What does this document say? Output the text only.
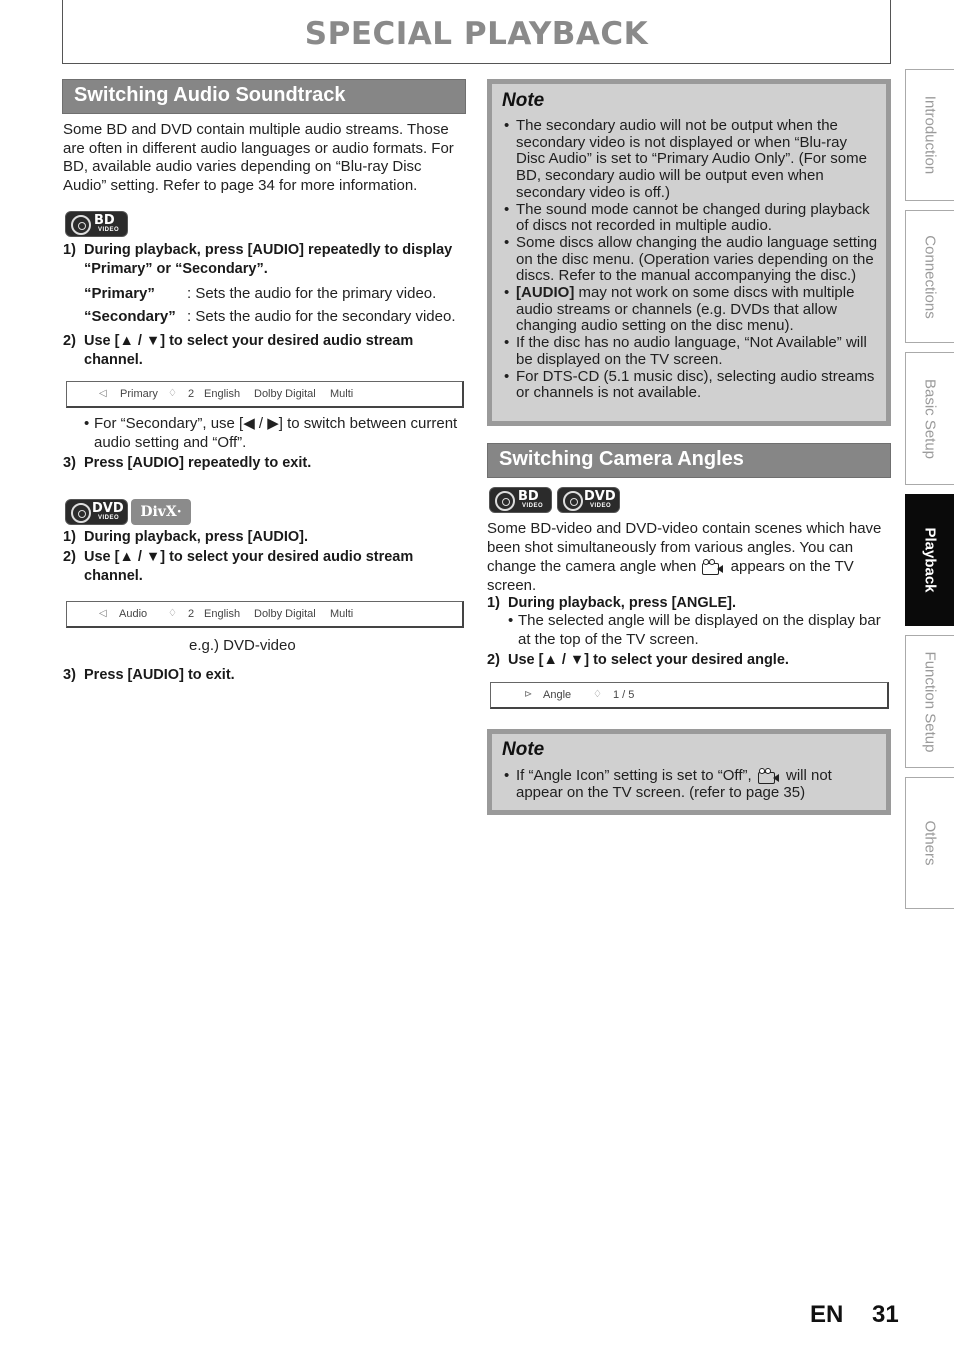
SPECIAL PLAYBACK
Switching Audio Soundtrack
Some BD and DVD contain multiple audio streams. Those are often in different audio languages or audio formats. For BD, available audio varies depending on “Blu-ray Disc Audio” setting. Refer to page 34 for more information.
BD
VIDEO
1) During playback, press [AUDIO] repeatedly to display “Primary” or “Secondary”.
“Primary” : Sets the audio for the primary video.
“Secondary” : Sets the audio for the secondary video.
2) Use [▲ / ▼] to select your desired audio stream channel.
◁ Primary ♢ 2 English Dolby Digital Multi
• For “Secondary”, use [◀ / ▶] to switch between current audio setting and “Off”.
3) Press [AUDIO] repeatedly to exit.
DVD
VIDEO	DivX·
1) During playback, press [AUDIO].
2) Use [▲ / ▼] to select your desired audio stream channel.
◁ Audio ♢ 2 English Dolby Digital Multi
e.g.) DVD-video
3) Press [AUDIO] to exit.
Note
• The secondary audio will not be output when the secondary video is not displayed or when “Blu-ray Disc Audio” is set to “Primary Audio Only”. (For some BD, secondary audio will be output even when secondary video is off.)
• The sound mode cannot be changed during playback of discs not recorded in multiple audio.
• Some discs allow changing the audio language setting on the disc menu. (Operation varies depending on the discs. Refer to the manual accompanying the disc.)
• [AUDIO] may not work on some discs with multiple audio streams or channels (e.g. DVDs that allow changing audio setting on the disc menu).
• If the disc has no audio language, “Not Available” will be displayed on the TV screen.
• For DTS-CD (5.1 music disc), selecting audio streams or channels is not available.
Switching Camera Angles
BD
VIDEO
DVD
VIDEO
Some BD-video and DVD-video contain scenes which have been shot simultaneously from various angles. You can change the camera angle when appears on the TV screen.
1) During playback, press [ANGLE].
• The selected angle will be displayed on the display bar at the top of the TV screen.
2) Use [▲ / ▼] to select your desired angle.
⊳ Angle ♢ 1 / 5
Note
• If “Angle Icon” setting is set to “Off”, will not appear on the TV screen. (refer to page 35)
Introduction
Connections
Basic Setup
Playback
Function Setup
Others
EN 31
